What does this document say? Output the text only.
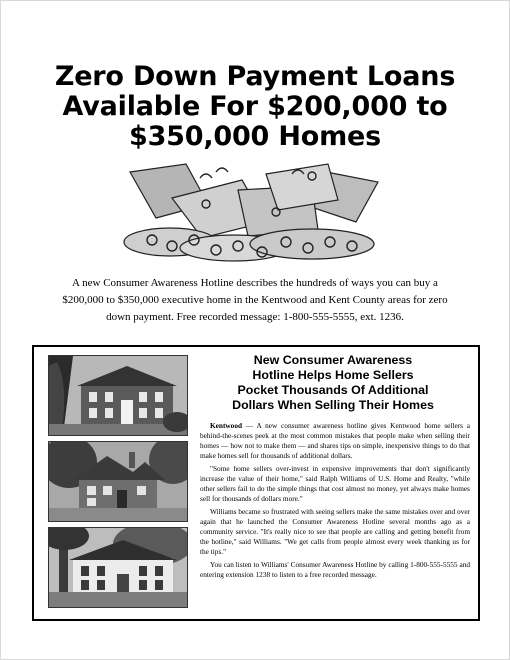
Zero Down Payment Loans
Available For $200,000 to
$350,000 Homes
A new Consumer Awareness Hotline describes the hundreds of ways you can buy a
$200,000 to $350,000 executive home in the Kentwood and Kent County areas for zero
down payment. Free recorded message: 1-800-555-5555, ext. 1236.
New Consumer Awareness
Hotline Helps Home Sellers
Pocket Thousands Of Additional
Dollars When Selling Their Homes

Kentwood — A new consumer awareness hotline gives Kentwood home sellers a behind-the-scenes peek at the most common mistakes that people make when selling their homes — how not to make them — and shares tips on simple, inexpensive things to do that make homes sell for thousands of additional dollars.

"Some home sellers over-invest in expensive improvements that don't significantly increase the value of their home," said Ralph Williams of U.S. Home and Realty, "while other sellers fail to do the simple things that cost almost no money, yet always make homes sell for thousands of dollars more."

Williams became so frustrated with seeing sellers make the same mistakes over and over again that he launched the Consumer Awareness Hotline several months ago as a community service. "It's really nice to see that people are calling and getting benefit from the hotline," said Williams. "We get calls from people almost every week thanking us for the tips."

You can listen to Williams' Consumer Awareness Hotline by calling 1-800-555-5555 and entering extension 1238 to listen to a free recorded message.
